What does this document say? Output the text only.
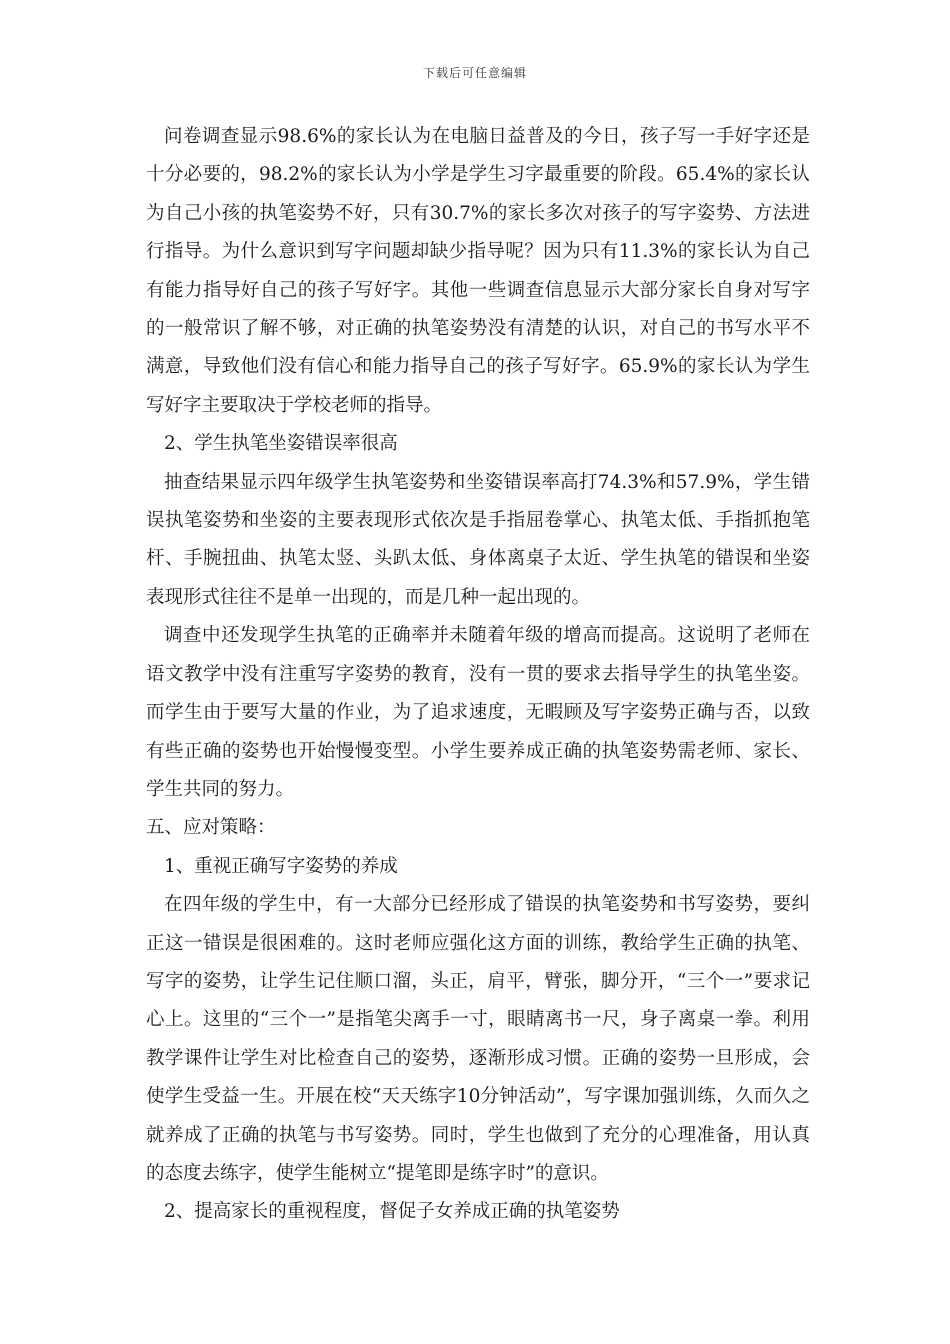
下载后可任意编辑

问卷调查显示98.6%的家长认为在电脑日益普及的今日，孩子写一手好字还是十分必要的，98.2%的家长认为小学是学生习字最重要的阶段。65.4%的家长认为自己小孩的执笔姿势不好，只有30.7%的家长多次对孩子的写字姿势、方法进行指导。为什么意识到写字问题却缺少指导呢？因为只有11.3%的家长认为自己有能力指导好自己的孩子写好字。其他一些调查信息显示大部分家长自身对写字的一般常识了解不够，对正确的执笔姿势没有清楚的认识，对自己的书写水平不满意，导致他们没有信心和能力指导自己的孩子写好字。65.9%的家长认为学生写好字主要取决于学校老师的指导。

2、学生执笔坐姿错误率很高

抽查结果显示四年级学生执笔姿势和坐姿错误率高打74.3%和57.9%，学生错误执笔姿势和坐姿的主要表现形式依次是手指屈卷掌心、执笔太低、手指抓抱笔杆、手腕扭曲、执笔太竖、头趴太低、身体离桌子太近、学生执笔的错误和坐姿表现形式往往不是单一出现的，而是几种一起出现的。

调查中还发现学生执笔的正确率并未随着年级的增高而提高。这说明了老师在语文教学中没有注重写字姿势的教育，没有一贯的要求去指导学生的执笔坐姿。而学生由于要写大量的作业，为了追求速度，无暇顾及写字姿势正确与否，以致有些正确的姿势也开始慢慢变型。小学生要养成正确的执笔姿势需老师、家长、学生共同的努力。

五、应对策略：

1、重视正确写字姿势的养成

在四年级的学生中，有一大部分已经形成了错误的执笔姿势和书写姿势，要纠正这一错误是很困难的。这时老师应强化这方面的训练，教给学生正确的执笔、写字的姿势，让学生记住顺口溜，头正，肩平，臂张，脚分开，“三个一”要求记心上。这里的“三个一”是指笔尖离手一寸，眼睛离书一尺，身子离桌一拳。利用教学课件让学生对比检查自己的姿势，逐渐形成习惯。正确的姿势一旦形成，会使学生受益一生。开展在校“天天练字10分钟活动”，写字课加强训练，久而久之就养成了正确的执笔与书写姿势。同时，学生也做到了充分的心理准备，用认真的态度去练字，使学生能树立“提笔即是练字时”的意识。

2、提高家长的重视程度，督促子女养成正确的执笔姿势
